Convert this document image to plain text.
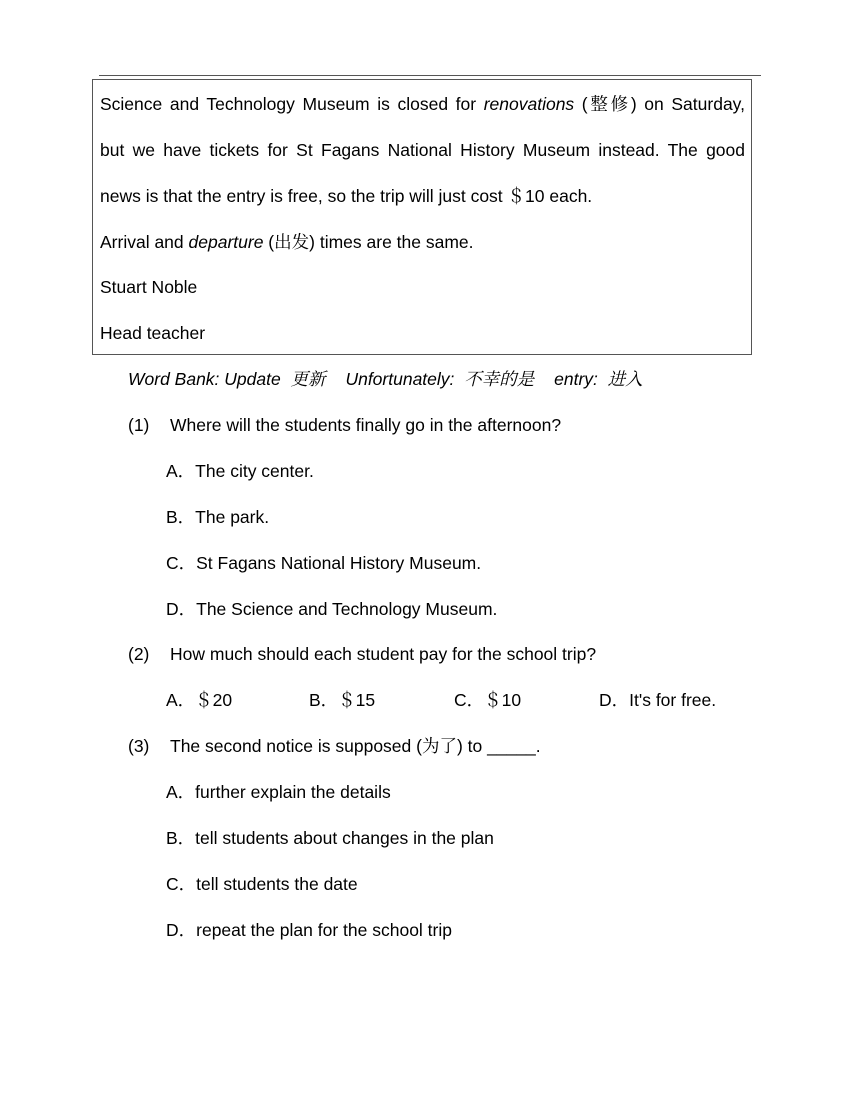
Science and Technology Museum is closed for renovations (整修) on Saturday,
but we have tickets for St Fagans National History Museum instead. The good
news is that the entry is free, so the trip will just cost ＄10 each.
Arrival and departure (出发) times are the same.
Stuart Noble
Head teacher
Word Bank: Update 更新 Unfortunately: 不幸的是 entry: 进入
(1) Where will the students finally go in the afternoon?
A．The city center.
B．The park.
C．St Fagans National History Museum.
D．The Science and Technology Museum.
(2) How much should each student pay for the school trip?
A．＄20	B．＄15	C．＄10	D．It's for free.
(3) The second notice is supposed (为了) to _____.
A．further explain the details
B．tell students about changes in the plan
C．tell students the date
D．repeat the plan for the school trip
